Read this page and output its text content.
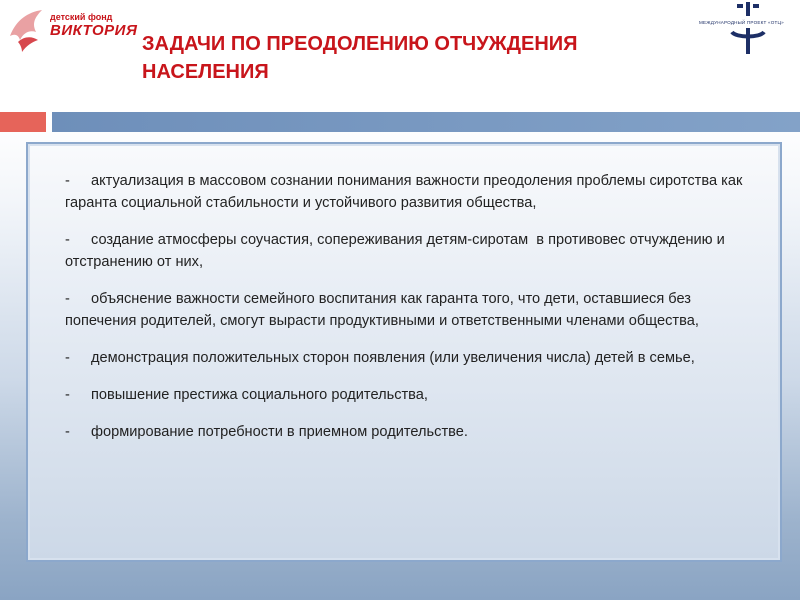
детский фонд
ВИКТОРИЯ
ЗАДАЧИ ПО ПРЕОДОЛЕНИЮ ОТЧУЖДЕНИЯ
НАСЕЛЕНИЯ
МЕЖДУНАРОДНЫЙ ПРОЕКТ «ОТЦ»
- актуализация в массовом сознании понимания важности преодоления проблемы сиротства как гаранта социальной стабильности и устойчивого развития общества,
- создание атмосферы соучастия, сопереживания детям-сиротам  в противовес отчуждению и отстранению от них,
- объяснение важности семейного воспитания как гаранта того, что дети, оставшиеся без попечения родителей, смогут вырасти продуктивными и ответственными членами общества,
- демонстрация положительных сторон появления (или увеличения числа) детей в семье,
- повышение престижа социального родительства,
- формирование потребности в приемном родительстве.
